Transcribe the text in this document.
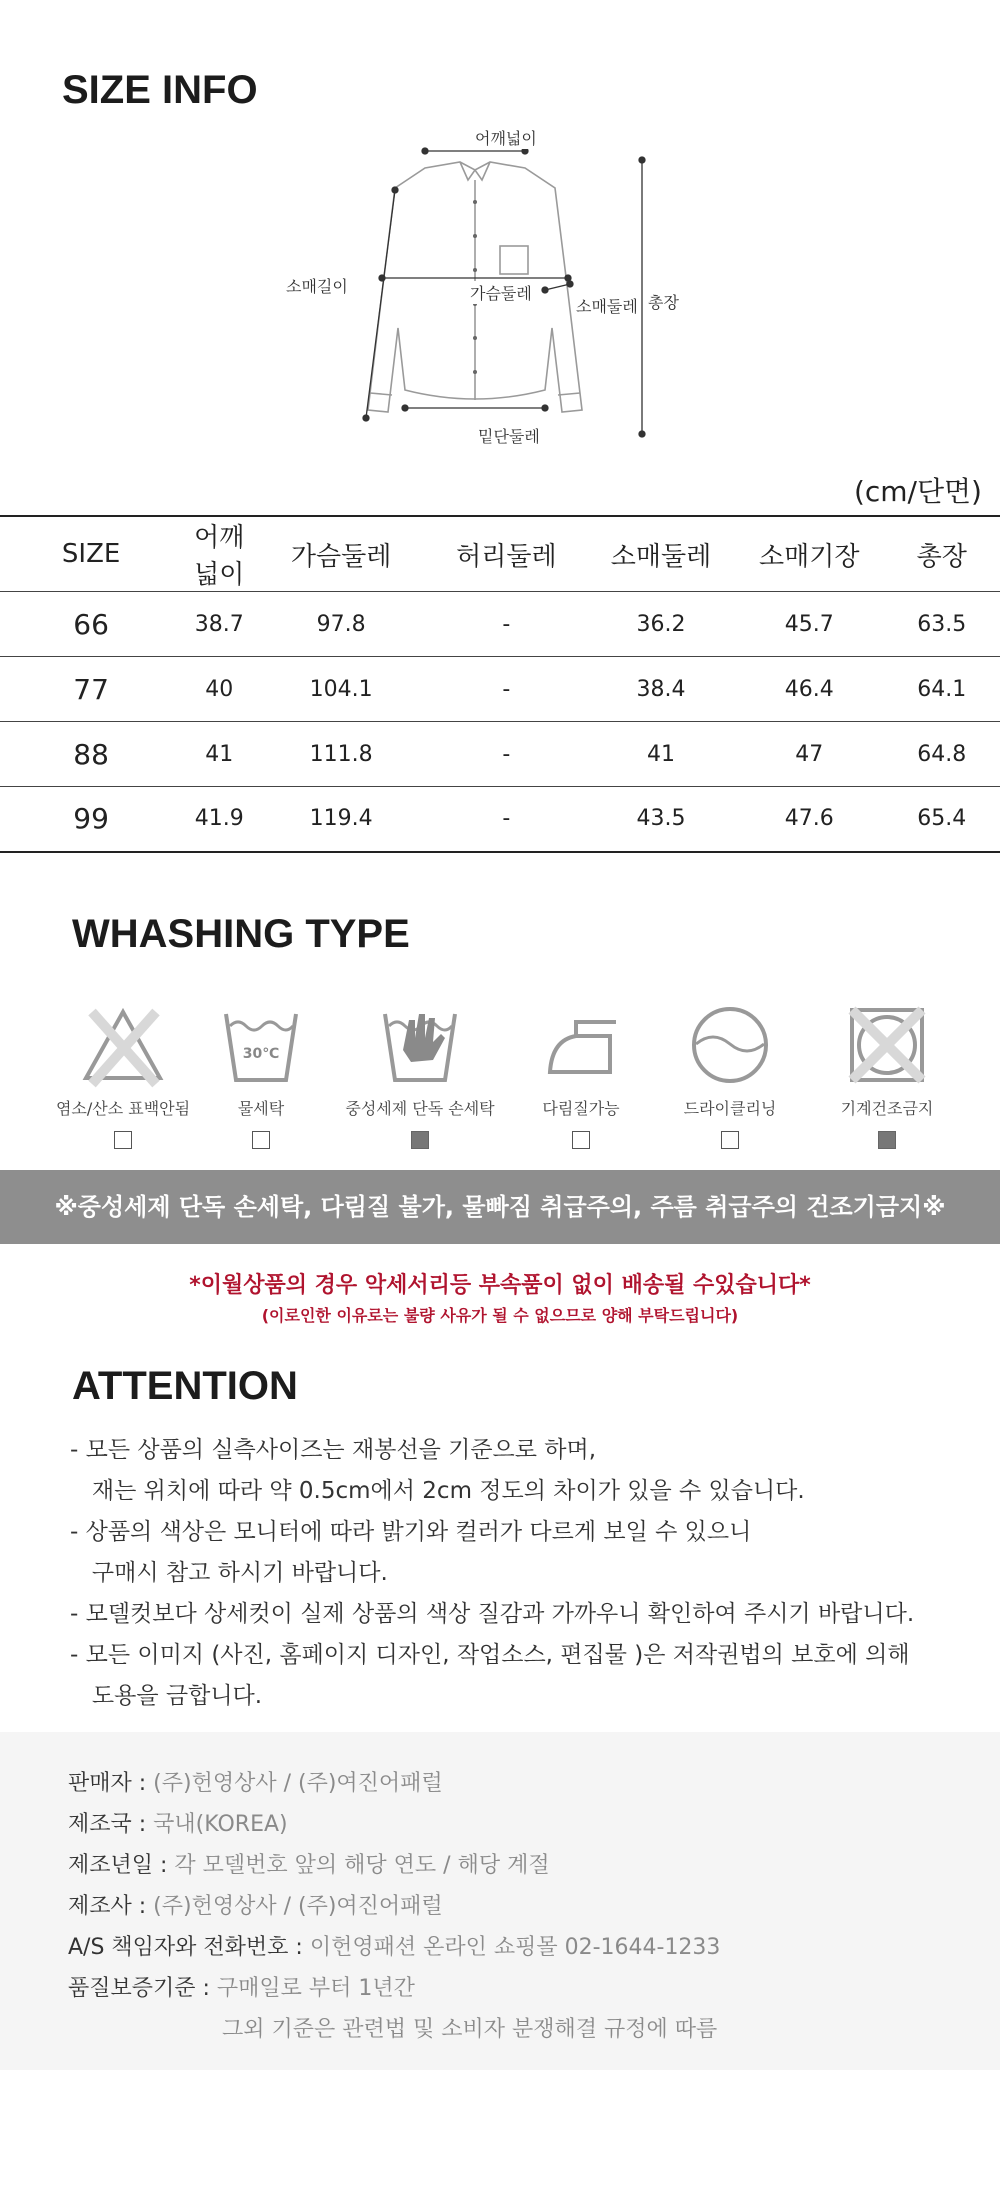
SIZE INFO
어깨넓이
가슴둘레
소매길이
소매둘레 총장
밑단둘레
(cm/단면)
SIZE	어깨넓이	가슴둘레	허리둘레	소매둘레	소매기장	총장
66	38.7	97.8	-	36.2	45.7	63.5
77	40	104.1	-	38.4	46.4	64.1
88	41	111.8	-	41	47	64.8
99	41.9	119.4	-	43.5	47.6	65.4
WHASHING TYPE
염소/산소 표백안됨
30℃
물세탁	중성세제 단독 손세탁	다림질가능	드라이클리닝	기계건조금지
※중성세제 단독 손세탁, 다림질 불가, 물빠짐 취급주의, 주름 취급주의 건조기금지※
*이월상품의 경우 악세서리등 부속품이 없이 배송될 수있습니다*
(이로인한 이유로는 불량 사유가 될 수 없으므로 양해 부탁드립니다)
ATTENTION
- 모든 상품의 실측사이즈는 재봉선을 기준으로 하며,
재는 위치에 따라 약 0.5cm에서 2cm 정도의 차이가 있을 수 있습니다.
- 상품의 색상은 모니터에 따라 밝기와 컬러가 다르게 보일 수 있으니
구매시 참고 하시기 바랍니다.
- 모델컷보다 상세컷이 실제 상품의 색상 질감과 가까우니 확인하여 주시기 바랍니다.
- 모든 이미지 (사진, 홈페이지 디자인, 작업소스, 편집물 )은 저작권법의 보호에 의해
도용을 금합니다.
판매자 : (주)헌영상사 / (주)여진어패럴
제조국 : 국내(KOREA)
제조년일 : 각 모델번호 앞의 해당 연도 / 해당 계절
제조사 : (주)헌영상사 / (주)여진어패럴
A/S 책임자와 전화번호 : 이헌영패션 온라인 쇼핑몰 02-1644-1233
품질보증기준 : 구매일로 부터 1년간
그외 기준은 관련법 및 소비자 분쟁해결 규정에 따름
